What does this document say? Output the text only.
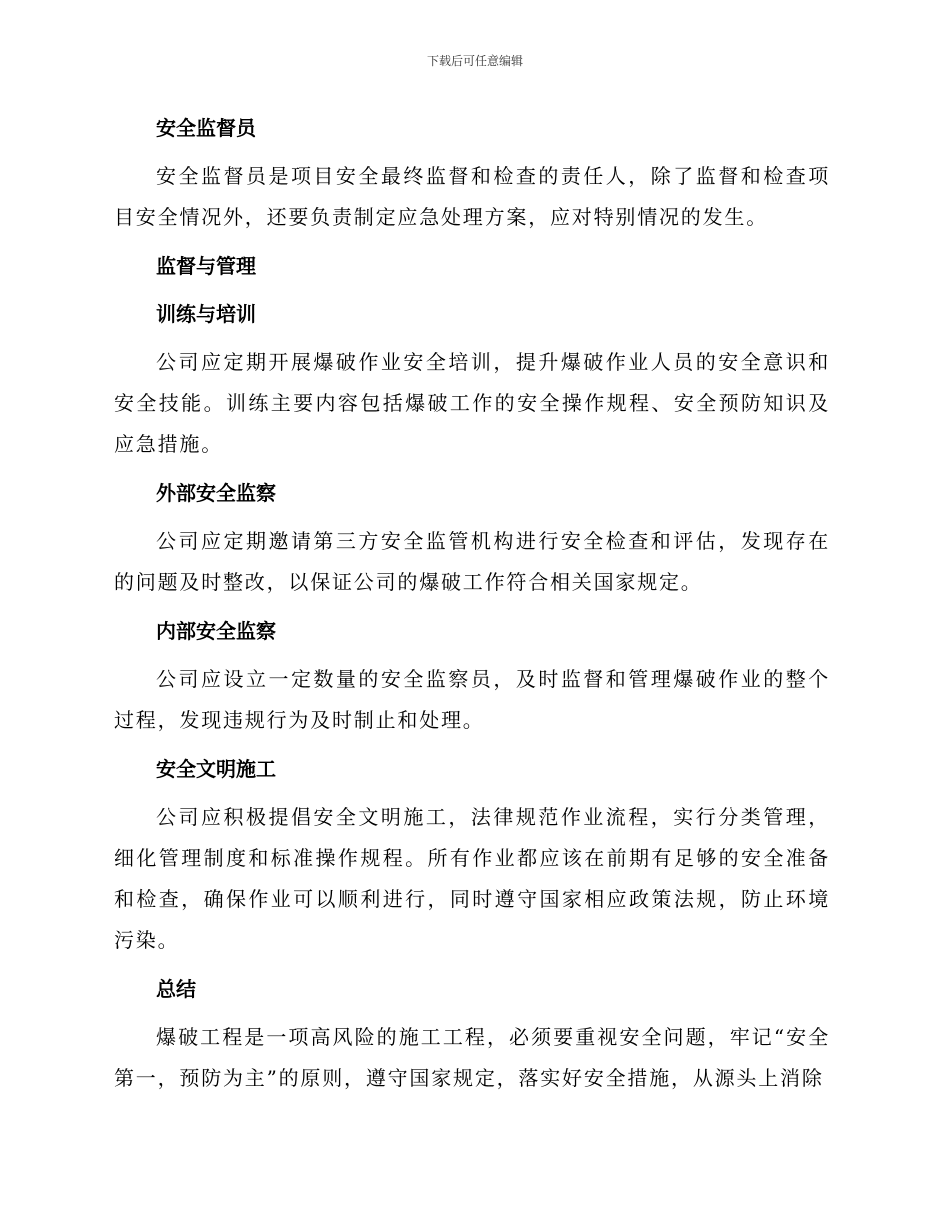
下载后可任意编辑
安全监督员

安全监督员是项目安全最终监督和检查的责任人，除了监督和检查项目安全情况外，还要负责制定应急处理方案，应对特别情况的发生。

监督与管理
训练与培训

公司应定期开展爆破作业安全培训，提升爆破作业人员的安全意识和安全技能。训练主要内容包括爆破工作的安全操作规程、安全预防知识及应急措施。

外部安全监察

公司应定期邀请第三方安全监管机构进行安全检查和评估，发现存在的问题及时整改，以保证公司的爆破工作符合相关国家规定。

内部安全监察

公司应设立一定数量的安全监察员，及时监督和管理爆破作业的整个过程，发现违规行为及时制止和处理。

安全文明施工

公司应积极提倡安全文明施工，法律规范作业流程，实行分类管理，细化管理制度和标准操作规程。所有作业都应该在前期有足够的安全准备和检查，确保作业可以顺利进行，同时遵守国家相应政策法规，防止环境污染。

总结

爆破工程是一项高风险的施工工程，必须要重视安全问题，牢记“安全第一，预防为主”的原则，遵守国家规定，落实好安全措施，从源头上消除
